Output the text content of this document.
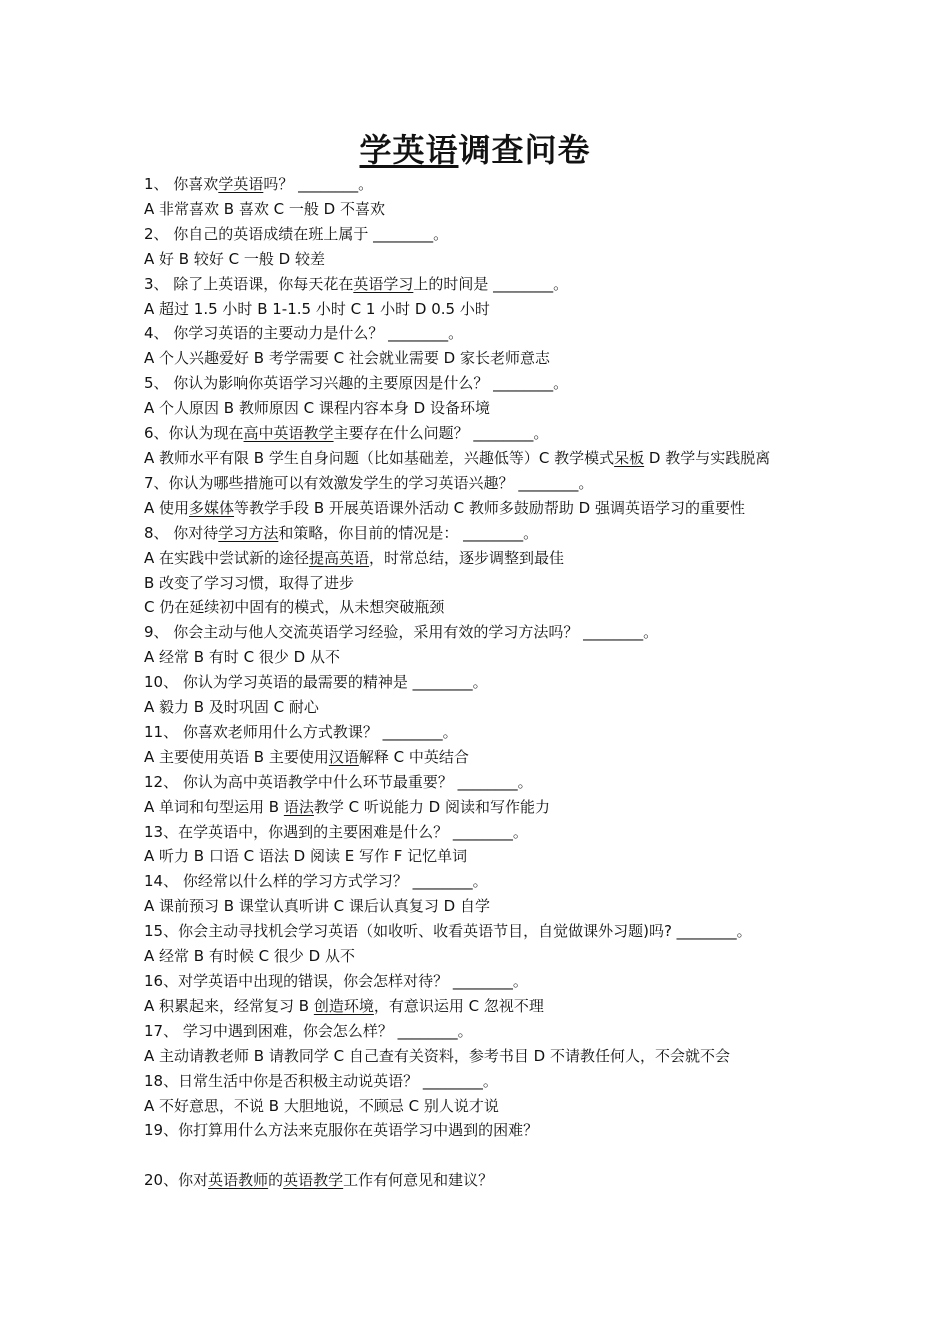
学英语调查问卷
1、 你喜欢学英语吗？ ________。
A 非常喜欢 B 喜欢 C 一般 D 不喜欢
2、 你自己的英语成绩在班上属于 ________。
A 好 B 较好 C 一般 D 较差
3、 除了上英语课，你每天花在英语学习上的时间是 ________。
A 超过 1.5 小时 B 1-1.5 小时 C 1 小时 D 0.5 小时
4、 你学习英语的主要动力是什么？ ________。
A 个人兴趣爱好 B 考学需要 C 社会就业需要 D 家长老师意志
5、 你认为影响你英语学习兴趣的主要原因是什么？ ________。
A 个人原因 B 教师原因 C 课程内容本身 D 设备环境
6、你认为现在高中英语教学主要存在什么问题？ ________。
A 教师水平有限 B 学生自身问题（比如基础差，兴趣低等）C 教学模式呆板 D 教学与实践脱离
7、你认为哪些措施可以有效激发学生的学习英语兴趣？ ________。
A 使用多媒体等教学手段 B 开展英语课外活动 C 教师多鼓励帮助 D 强调英语学习的重要性
8、 你对待学习方法和策略，你目前的情况是： ________。
A 在实践中尝试新的途径提高英语，时常总结，逐步调整到最佳
B 改变了学习习惯，取得了进步
C 仍在延续初中固有的模式，从未想突破瓶颈
9、 你会主动与他人交流英语学习经验，采用有效的学习方法吗？ ________。
A 经常 B 有时 C 很少 D 从不
10、 你认为学习英语的最需要的精神是 ________。
A 毅力 B 及时巩固 C 耐心
11、 你喜欢老师用什么方式教课？ ________。
A 主要使用英语 B 主要使用汉语解释 C 中英结合
12、 你认为高中英语教学中什么环节最重要？ ________。
A 单词和句型运用 B 语法教学 C 听说能力 D 阅读和写作能力
13、在学英语中，你遇到的主要困难是什么？ ________。
A 听力 B 口语 C 语法 D 阅读 E 写作 F 记忆单词
14、 你经常以什么样的学习方式学习？ ________。
A 课前预习 B 课堂认真听讲 C 课后认真复习 D 自学
15、你会主动寻找机会学习英语（如收听、收看英语节目，自觉做课外习题)吗? ________。
A 经常 B 有时候 C 很少 D 从不
16、对学英语中出现的错误，你会怎样对待？ ________。
A 积累起来，经常复习 B 创造环境，有意识运用 C 忽视不理
17、 学习中遇到困难，你会怎么样？ ________。
A 主动请教老师 B 请教同学 C 自己查有关资料，参考书目 D 不请教任何人，不会就不会
18、日常生活中你是否积极主动说英语？ ________。
A 不好意思，不说 B 大胆地说，不顾忌 C 别人说才说
19、你打算用什么方法来克服你在英语学习中遇到的困难？
20、你对英语教师的英语教学工作有何意见和建议？
